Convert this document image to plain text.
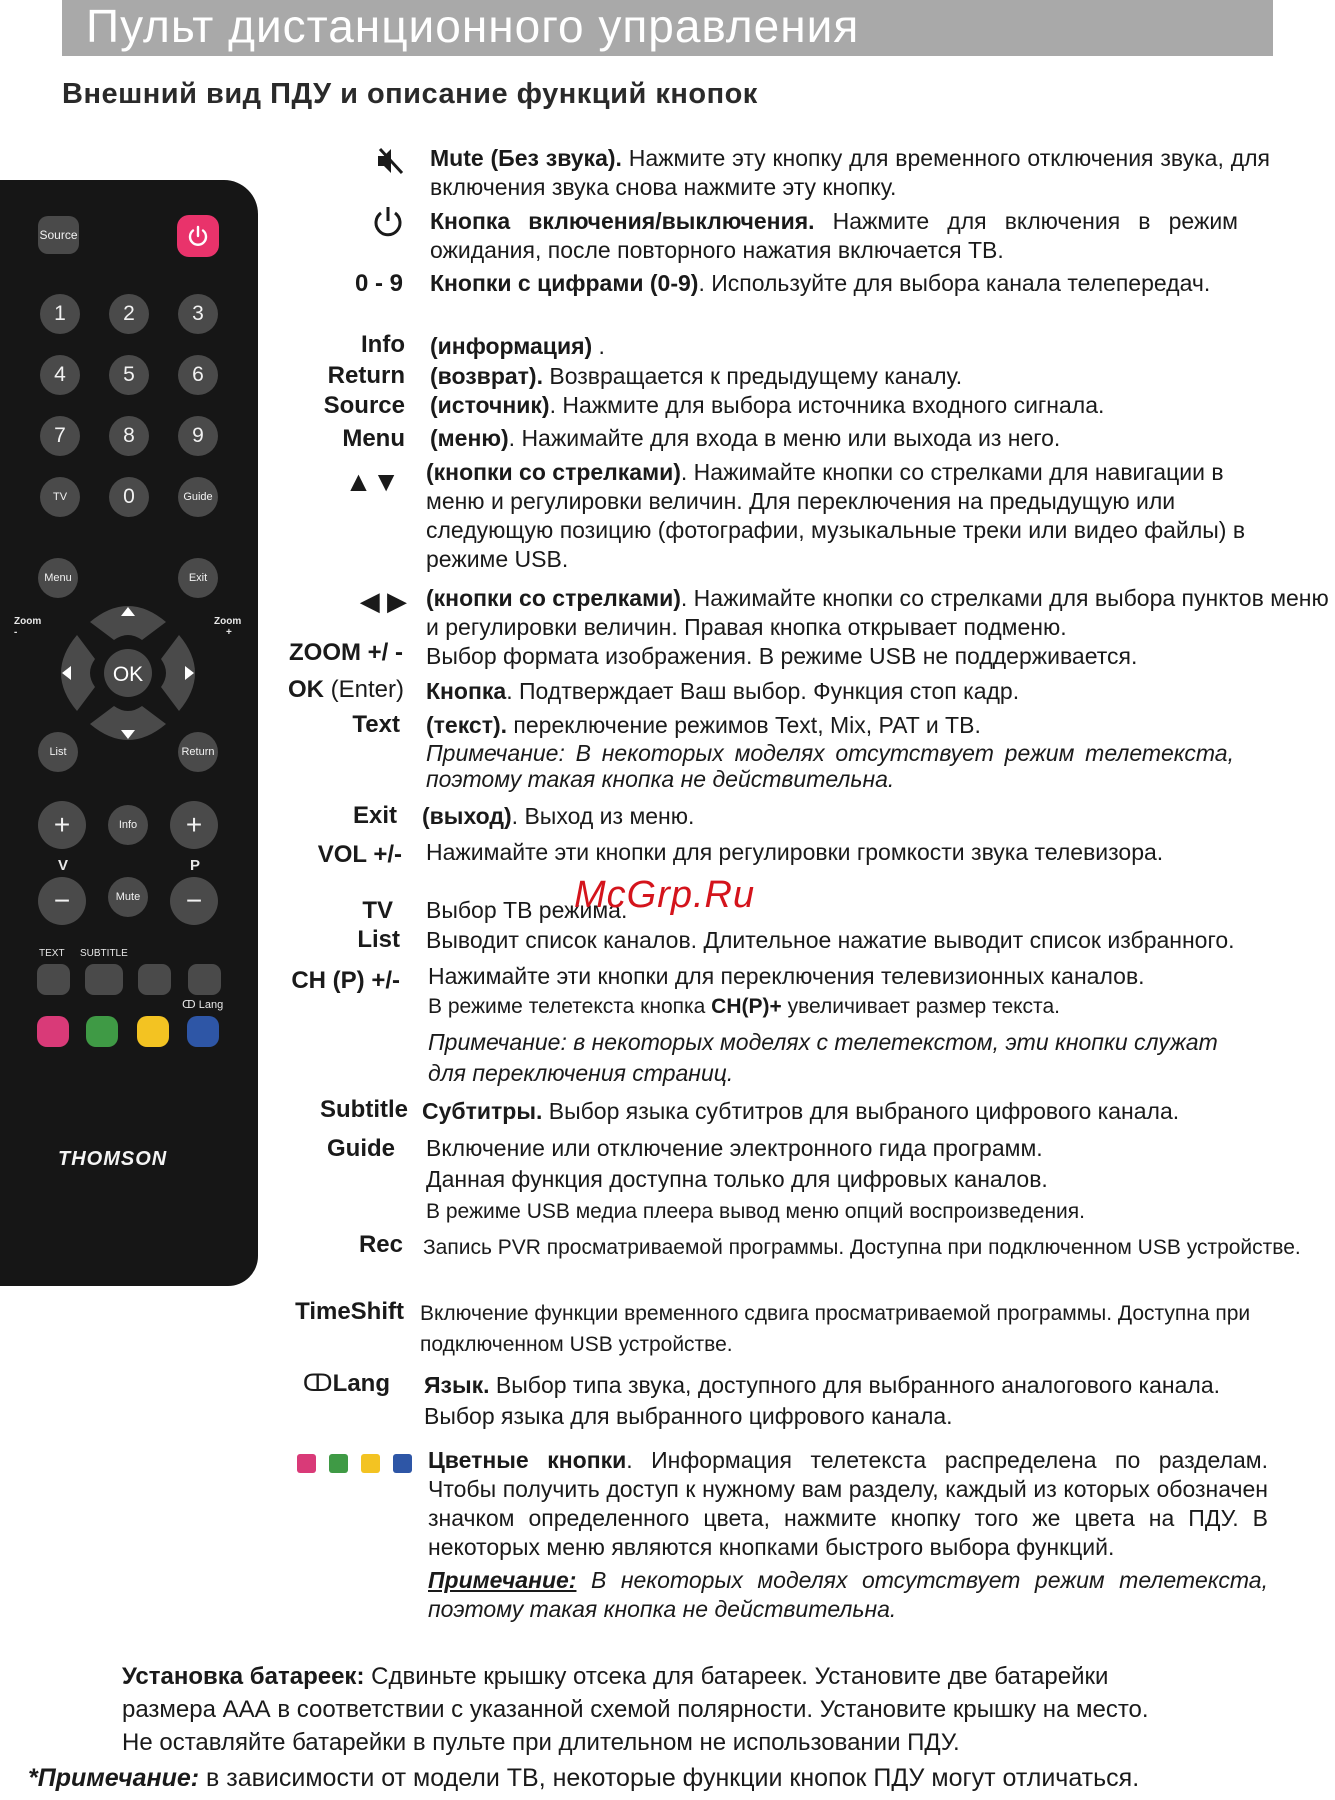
Пульт дистанционного управления
Внешний вид ПДУ и описание функций кнопок
Source
1	2	3
4	5	6
7	8	9
TV	0	Guide
Menu	Exit
Zoom
-
Zoom
+
OK
List	Return
+	Info	+
V	P
−	Mute	−
TEXT SUBTITLE
ↀ Lang
THOMSON
Mute (Без звука). Нажмите эту кнопку для временного отключения звука, для включения звука снова нажмите эту кнопку.
Кнопка включения/выключения. Нажмите для включения в режим ожидания, после повторного нажатия включается ТВ.
0 - 9 Кнопки с цифрами (0-9). Используйте для выбора канала телепередач.
Info (информация) .
Return (возврат). Возвращается к предыдущему каналу.
Source (источник). Нажмите для выбора источника входного сигнала.
Menu (меню). Нажимайте для входа в меню или выхода из него.
▲▼ (кнопки со стрелками). Нажимайте кнопки со стрелками для навигации в меню и регулировки величин. Для переключения на предыдущую или следующую позицию (фотографии, музыкальные треки или видео файлы) в режиме USB.
◀ ▶ (кнопки со стрелками). Нажимайте кнопки со стрелками для выбора пунктов меню и регулировки величин. Правая кнопка открывает подменю.
ZOOM +/ - Выбор формата изображения. В режиме USB не поддерживается.
OK (Enter) Кнопка. Подтверждает Ваш выбор. Функция стоп кадр.
Text (текст). переключение режимов Text, Mix, PAT и TB.

Примечание: В некоторых моделях отсутствует режим телетекста, поэтому такая кнопка не действительна.
Exit (выход). Выход из меню.
VOL +/- Нажимайте эти кнопки для регулировки громкости звука телевизора.
TV Выбор ТВ режима.
List Выводит список каналов. Длительное нажатие выводит список избранного.
CH (P) +/- Нажимайте эти кнопки для переключения телевизионных каналов.
В режиме телетекста кнопка CH(P)+ увеличивает размер текста.
Примечание: в некоторых моделях с телетекстом, эти кнопки служат для переключения страниц.
Subtitle Субтитры. Выбор языка субтитров для выбраного цифрового канала.
Guide Включение или отключение электронного гида программ.
Данная функция доступна только для цифровых каналов.
В режиме USB медиа плеера вывод меню опций воспроизведения.
Rec Запись PVR просматриваемой программы. Доступна при подключенном USB устройстве.
TimeShift Включение функции временного сдвига просматриваемой программы. Доступна при подключенном USB устройстве.
ↀLang Язык. Выбор типа звука, доступного для выбранного аналогового канала.
Выбор языка для выбранного цифрового канала.
Цветные кнопки. Информация телетекста распределена по разделам. Чтобы получить доступ к нужному вам разделу, каждый из которых обозначен значком определенного цвета, нажмите кнопку того же цвета на ПДУ. В некоторых меню являются кнопками быстрого выбора функций.
Примечание: В некоторых моделях отсутствует режим телетекста, поэтому такая кнопка не действительна.
Установка батареек: Сдвиньте крышку отсека для батареек. Установите две батарейки
размера ААА в соответствии с указанной схемой полярности. Установите крышку на место.
Не оставляйте батарейки в пульте при длительном не использовании ПДУ.
*Примечание: в зависимости от модели ТВ, некоторые функции кнопок ПДУ могут отличаться.
McGrp.Ru
